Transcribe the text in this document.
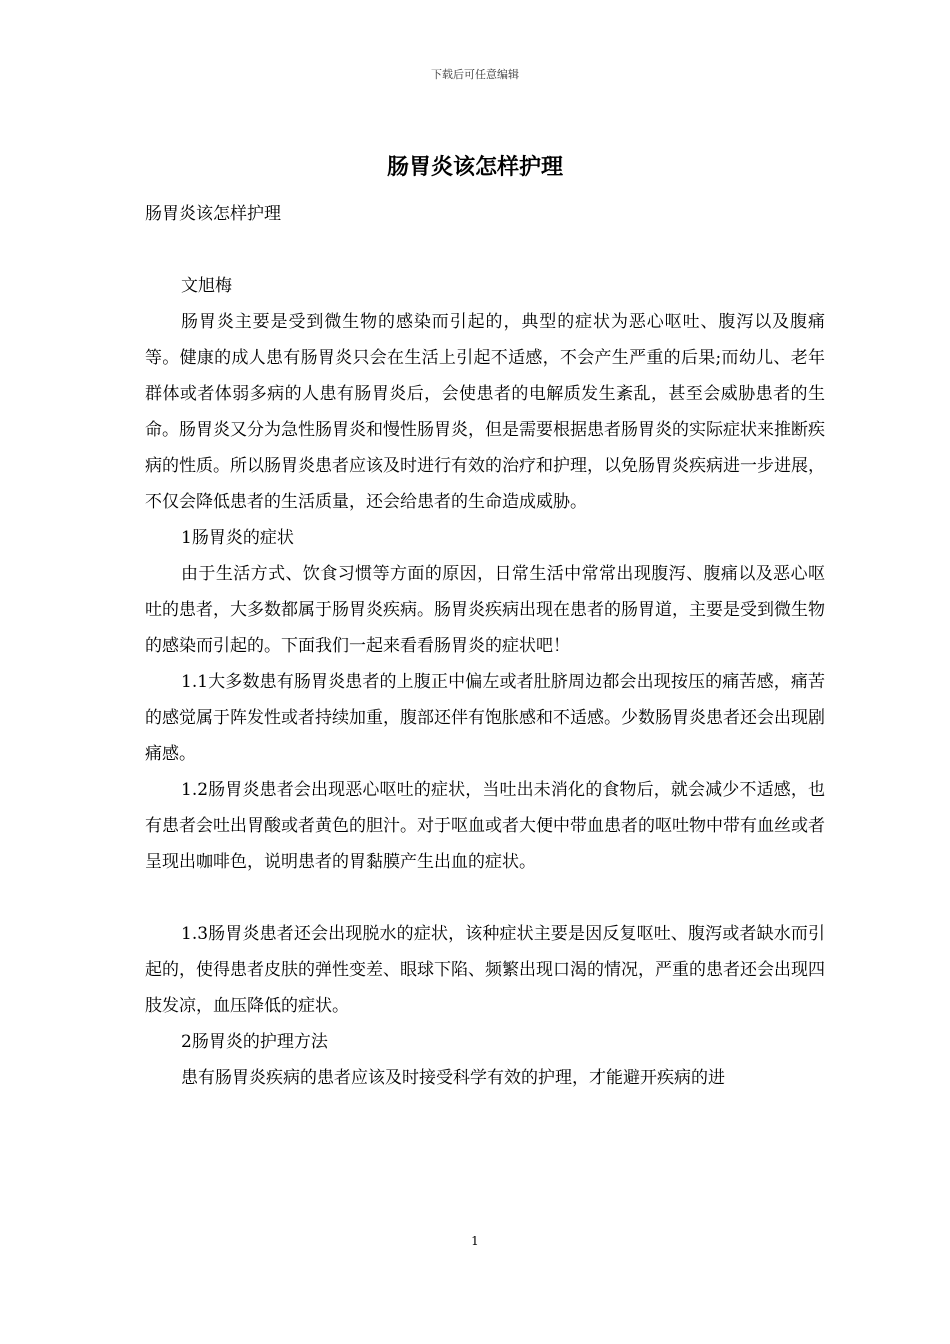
下载后可任意编辑
肠胃炎该怎样护理

肠胃炎该怎样护理

文旭梅

肠胃炎主要是受到微生物的感染而引起的，典型的症状为恶心呕吐、腹泻以及腹痛等。健康的成人患有肠胃炎只会在生活上引起不适感，不会产生严重的后果;而幼儿、老年群体或者体弱多病的人患有肠胃炎后，会使患者的电解质发生紊乱，甚至会威胁患者的生命。肠胃炎又分为急性肠胃炎和慢性肠胃炎，但是需要根据患者肠胃炎的实际症状来推断疾病的性质。所以肠胃炎患者应该及时进行有效的治疗和护理，以免肠胃炎疾病进一步进展，不仅会降低患者的生活质量，还会给患者的生命造成威胁。

1肠胃炎的症状

由于生活方式、饮食习惯等方面的原因，日常生活中常常出现腹泻、腹痛以及恶心呕吐的患者，大多数都属于肠胃炎疾病。肠胃炎疾病出现在患者的肠胃道，主要是受到微生物的感染而引起的。下面我们一起来看看肠胃炎的症状吧！

1.1大多数患有肠胃炎患者的上腹正中偏左或者肚脐周边都会出现按压的痛苦感，痛苦的感觉属于阵发性或者持续加重，腹部还伴有饱胀感和不适感。少数肠胃炎患者还会出现剧痛感。

1.2肠胃炎患者会出现恶心呕吐的症状，当吐出未消化的食物后，就会减少不适感，也有患者会吐出胃酸或者黄色的胆汁。对于呕血或者大便中带血患者的呕吐物中带有血丝或者呈现出咖啡色，说明患者的胃黏膜产生出血的症状。

1.3肠胃炎患者还会出现脱水的症状，该种症状主要是因反复呕吐、腹泻或者缺水而引起的，使得患者皮肤的弹性变差、眼球下陷、频繁出现口渴的情况，严重的患者还会出现四肢发凉，血压降低的症状。

2肠胃炎的护理方法

患有肠胃炎疾病的患者应该及时接受科学有效的护理，才能避开疾病的进

1
